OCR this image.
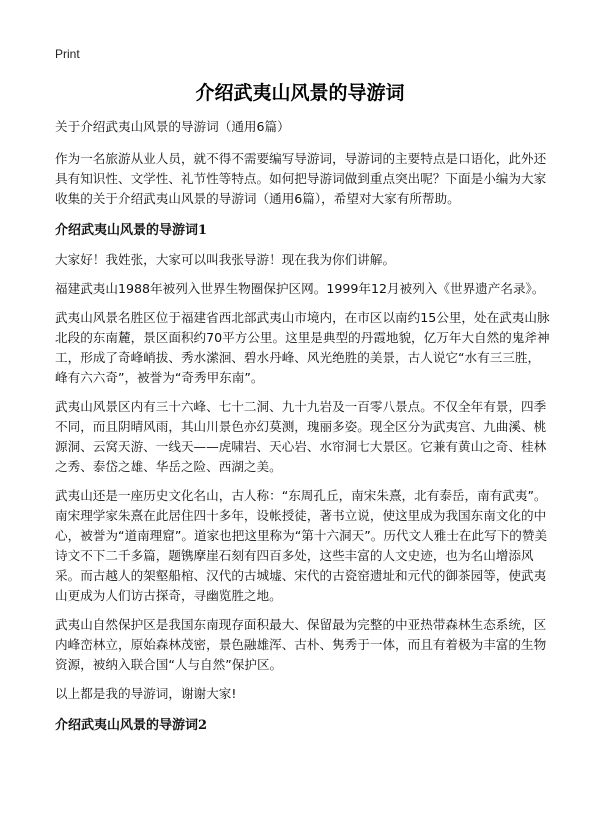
Print
介绍武夷山风景的导游词

关于介绍武夷山风景的导游词（通用6篇）

作为一名旅游从业人员，就不得不需要编写导游词，导游词的主要特点是口语化，此外还具有知识性、文学性、礼节性等特点。如何把导游词做到重点突出呢？下面是小编为大家收集的关于介绍武夷山风景的导游词（通用6篇），希望对大家有所帮助。

介绍武夷山风景的导游词1

大家好！我姓张，大家可以叫我张导游！现在我为你们讲解。

福建武夷山1988年被列入世界生物圈保护区网。1999年12月被列入《世界遗产名录》。

武夷山风景名胜区位于福建省西北部武夷山市境内，在市区以南约15公里，处在武夷山脉北段的东南麓，景区面积约70平方公里。这里是典型的丹霞地貌，亿万年大自然的鬼斧神工，形成了奇峰峭拔、秀水潆洄、碧水丹峰、风光绝胜的美景，古人说它“水有三三胜，峰有六六奇”，被誉为“奇秀甲东南”。

武夷山风景区内有三十六峰、七十二洞、九十九岩及一百零八景点。不仅全年有景，四季不同，而且阴晴风雨，其山川景色亦幻莫测，瑰丽多姿。现全区分为武夷宫、九曲溪、桃源洞、云窝天游、一线天——虎啸岩、天心岩、水帘洞七大景区。它兼有黄山之奇、桂林之秀、泰岱之雄、华岳之险、西湖之美。

武夷山还是一座历史文化名山，古人称：“东周孔丘，南宋朱熹，北有泰岳，南有武夷”。南宋理学家朱熹在此居住四十多年，设帐授徒，著书立说，使这里成为我国东南文化的中心，被誉为“道南理窟”。道家也把这里称为“第十六洞天”。历代文人雅士在此写下的赞美诗文不下二千多篇，题镌摩崖石刻有四百多处，这些丰富的人文史迹，也为名山增添风采。而古越人的架壑船棺、汉代的古城墟、宋代的古瓷窑遗址和元代的御茶园等，使武夷山更成为人们访古探奇，寻幽览胜之地。

武夷山自然保护区是我国东南现存面积最大、保留最为完整的中亚热带森林生态系统，区内峰峦林立，原始森林茂密，景色融雄浑、古朴、隽秀于一体，而且有着极为丰富的生物资源，被纳入联合国“人与自然”保护区。

以上都是我的导游词，谢谢大家!

介绍武夷山风景的导游词2
